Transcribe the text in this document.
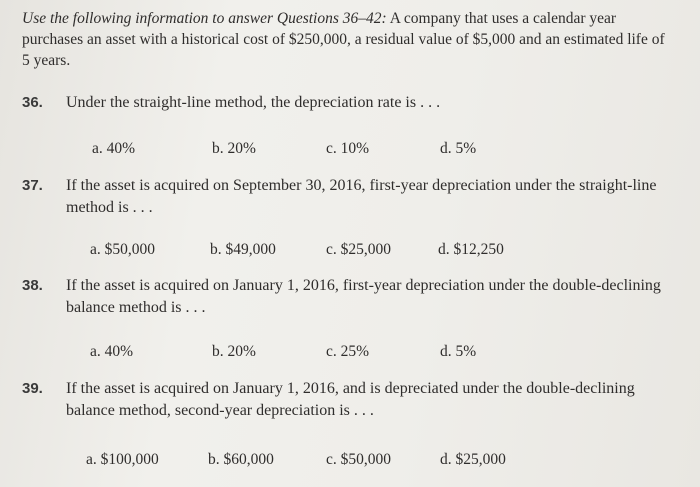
Use the following information to answer Questions 36–42: A company that uses a calendar year purchases an asset with a historical cost of $250,000, a residual value of $5,000 and an estimated life of 5 years.
36. Under the straight-line method, the depreciation rate is . . .
a. 40%	b. 20%	c. 10%	d. 5%
37. If the asset is acquired on September 30, 2016, first-year depreciation under the straight-line method is . . .
a. $50,000	b. $49,000	c. $25,000	d. $12,250
38. If the asset is acquired on January 1, 2016, first-year depreciation under the double-declining balance method is . . .
a. 40%	b. 20%	c. 25%	d. 5%
39. If the asset is acquired on January 1, 2016, and is depreciated under the double-declining balance method, second-year depreciation is . . .
a. $100,000	b. $60,000	c. $50,000	d. $25,000
